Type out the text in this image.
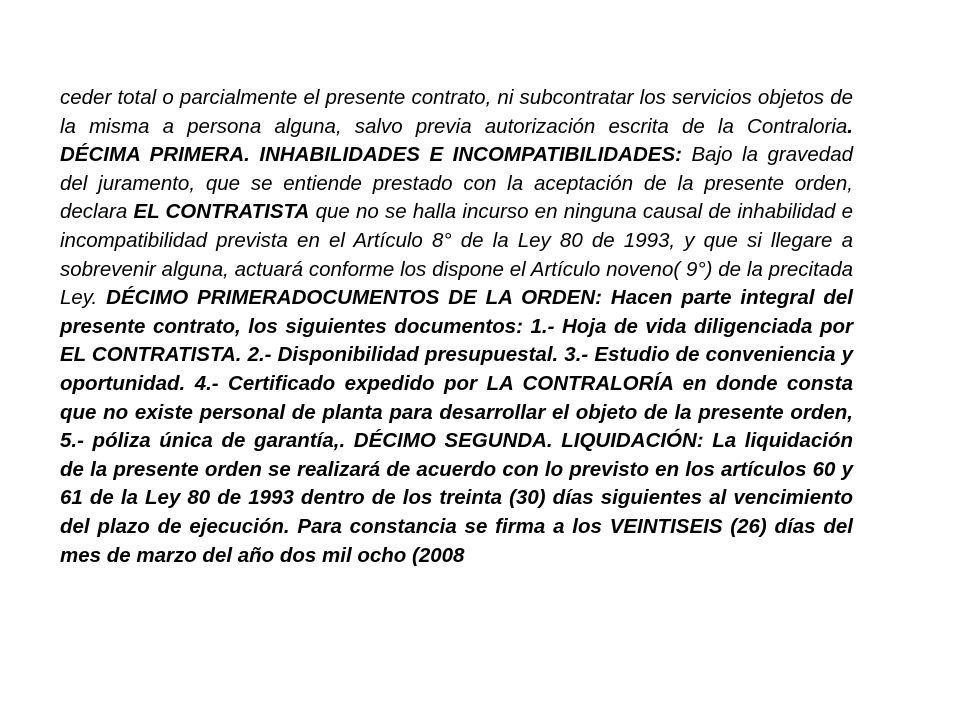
ceder total o parcialmente el presente contrato, ni subcontratar los servicios objetos de la misma a persona alguna, salvo previa autorización escrita de la Contraloria. DÉCIMA PRIMERA. INHABILIDADES E INCOMPATIBILIDADES: Bajo la gravedad del juramento, que se entiende prestado con la aceptación de la presente orden, declara EL CONTRATISTA que no se halla incurso en ninguna causal de inhabilidad e incompatibilidad prevista en el Artículo 8° de la Ley 80 de 1993, y que si llegare a sobrevenir alguna, actuará conforme los dispone el Artículo noveno( 9°) de la precitada Ley. DÉCIMO PRIMERADOCUMENTOS DE LA ORDEN: Hacen parte integral del presente contrato, los siguientes documentos: 1.- Hoja de vida diligenciada por EL CONTRATISTA. 2.- Disponibilidad presupuestal. 3.- Estudio de conveniencia y oportunidad. 4.- Certificado expedido por LA CONTRALORÍA en donde consta que no existe personal de planta para desarrollar el objeto de la presente orden, 5.- póliza única de garantía,. DÉCIMO SEGUNDA. LIQUIDACIÓN: La liquidación de la presente orden se realizará de acuerdo con lo previsto en los artículos 60 y 61 de la Ley 80 de 1993 dentro de los treinta (30) días siguientes al vencimiento del plazo de ejecución. Para constancia se firma a los VEINTISEIS (26) días del mes de marzo del año dos mil ocho (2008
